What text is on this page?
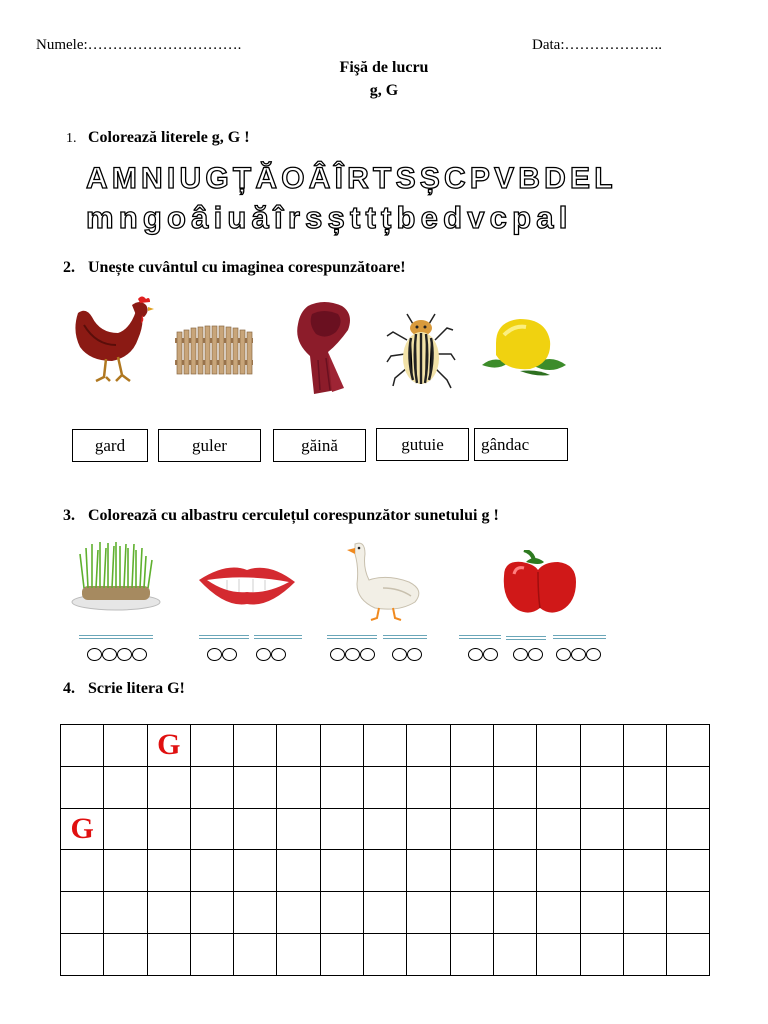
Numele:………………………….	Data:………………..
Fişă de lucru
g, G
1. Colorează literele g, G !
AMNIUGȚĂOÂÎRTSȘCPVBDEL
mngoâiuăîrsșttțbedvcpal
2. Unește cuvântul cu imaginea corespunzătoare!
gard	guler	găină	gutuie	gândac
3. Colorează cu albastru cerculețul corespunzător sunetului g !
4. Scrie litera G!
		G												

G														
